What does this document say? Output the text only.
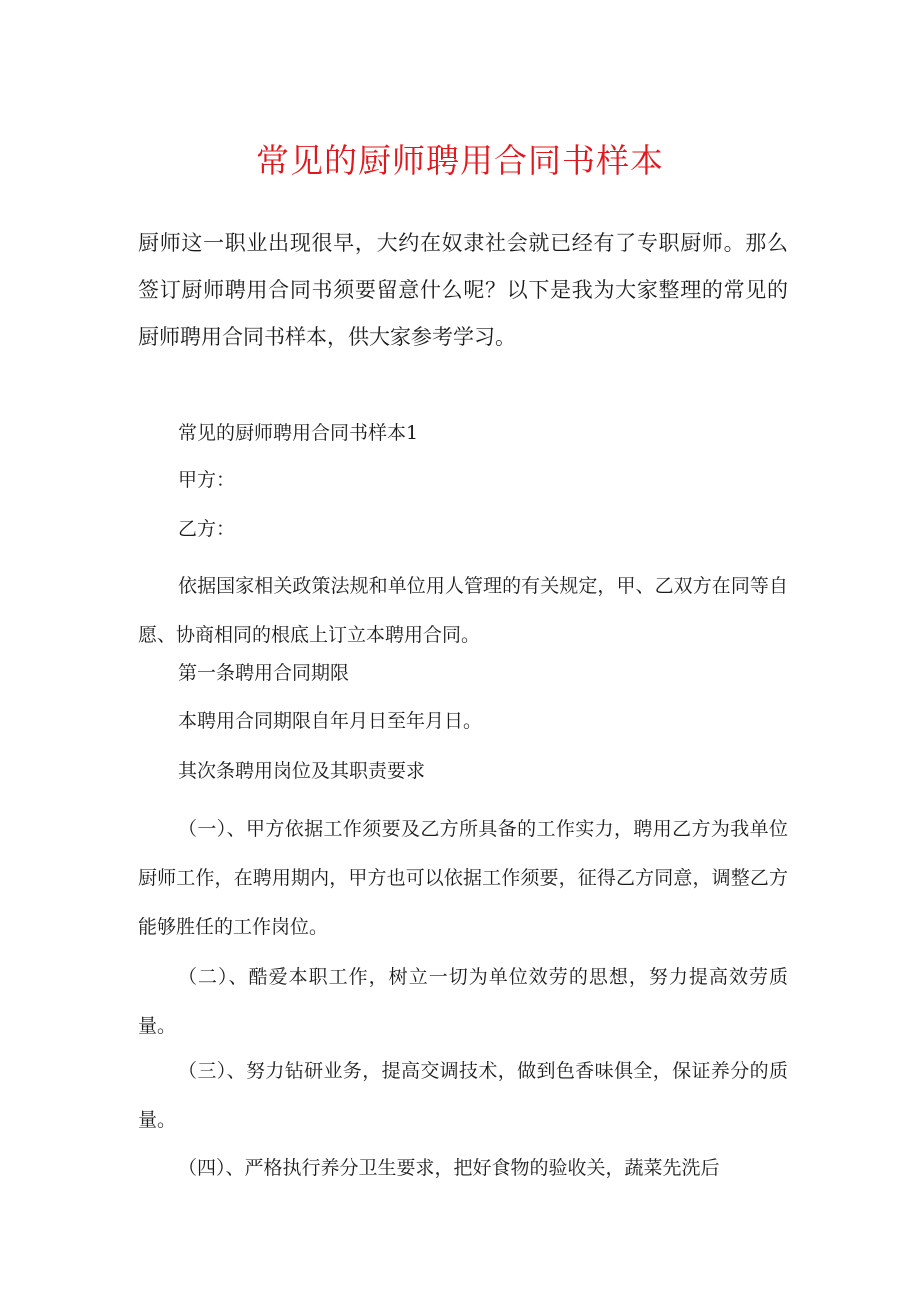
常见的厨师聘用合同书样本
厨师这一职业出现很早，大约在奴隶社会就已经有了专职厨师。那么签订厨师聘用合同书须要留意什么呢？以下是我为大家整理的常见的厨师聘用合同书样本，供大家参考学习。
常见的厨师聘用合同书样本1
甲方：
乙方：
依据国家相关政策法规和单位用人管理的有关规定，甲、乙双方在同等自愿、协商相同的根底上订立本聘用合同。
第一条聘用合同期限
本聘用合同期限自年月日至年月日。
其次条聘用岗位及其职责要求
（一）、甲方依据工作须要及乙方所具备的工作实力，聘用乙方为我单位厨师工作，在聘用期内，甲方也可以依据工作须要，征得乙方同意，调整乙方能够胜任的工作岗位。
（二）、酷爱本职工作，树立一切为单位效劳的思想，努力提高效劳质量。
（三）、努力钻研业务，提高交调技术，做到色香味俱全，保证养分的质量。
（四）、严格执行养分卫生要求，把好食物的验收关，蔬菜先洗后
